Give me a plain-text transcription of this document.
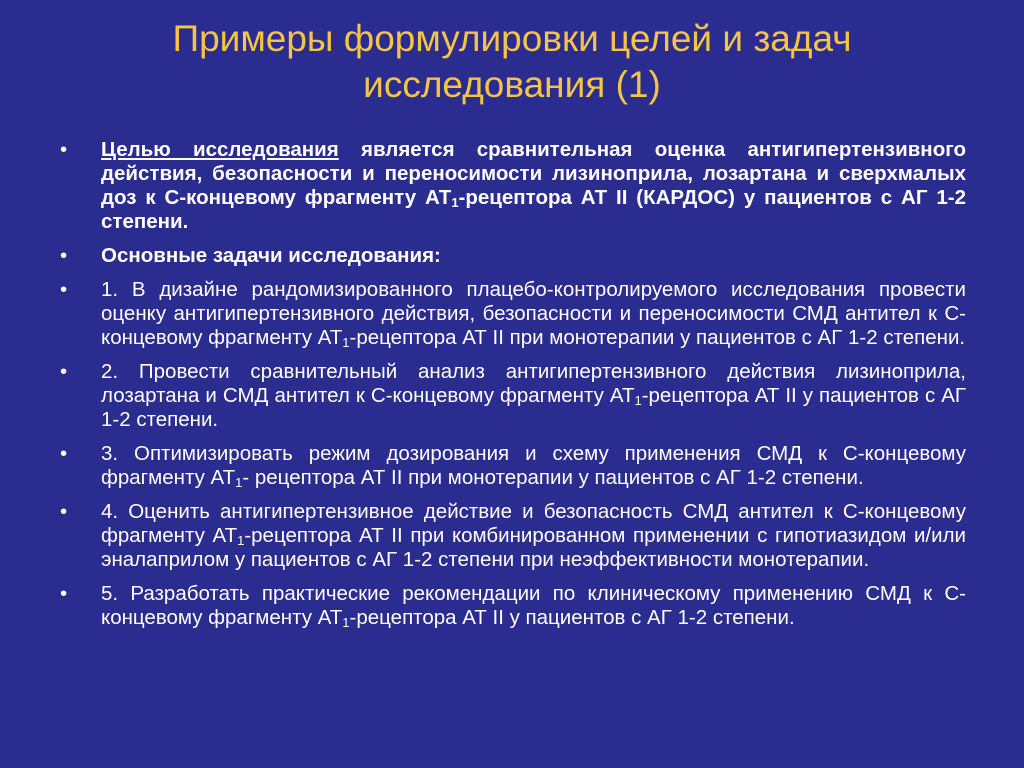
Примеры формулировки целей и задач
исследования (1)
• Целью исследования является сравнительная оценка антигипертензивного действия, безопасности и переносимости лизиноприла, лозартана и сверхмалых доз к С-концевому фрагменту $АТ_1$-рецептора АТ II (КАРДОС) у пациентов с АГ 1-2 степени.
• Основные задачи исследования:
• 1. В дизайне рандомизированного плацебо-контролируемого исследования провести оценку антигипертензивного действия, безопасности и переносимости СМД антител к С-концевому фрагменту $АТ_1$-рецептора АТ II при монотерапии у пациентов с АГ 1-2 степени.
• 2. Провести сравнительный анализ антигипертензивного действия лизиноприла, лозартана и СМД антител к С-концевому фрагменту $АТ_1$-рецептора АТ II у пациентов с АГ 1-2 степени.
• 3. Оптимизировать режим дозирования и схему применения СМД к С-концевому фрагменту $АТ_1-$ рецептора АТ II при монотерапии у пациентов с АГ 1-2 степени.
• 4. Оценить антигипертензивное действие и безопасность СМД антител к С-концевому фрагменту $АТ_1$-рецептора АТ II при комбинированном применении с гипотиазидом и/или эналаприлом у пациентов с АГ 1-2 степени при неэффективности монотерапии.
• 5. Разработать практические рекомендации по клиническому применению СМД к С-концевому фрагменту $АТ_1$-рецептора АТ II у пациентов с АГ 1-2 степени.
